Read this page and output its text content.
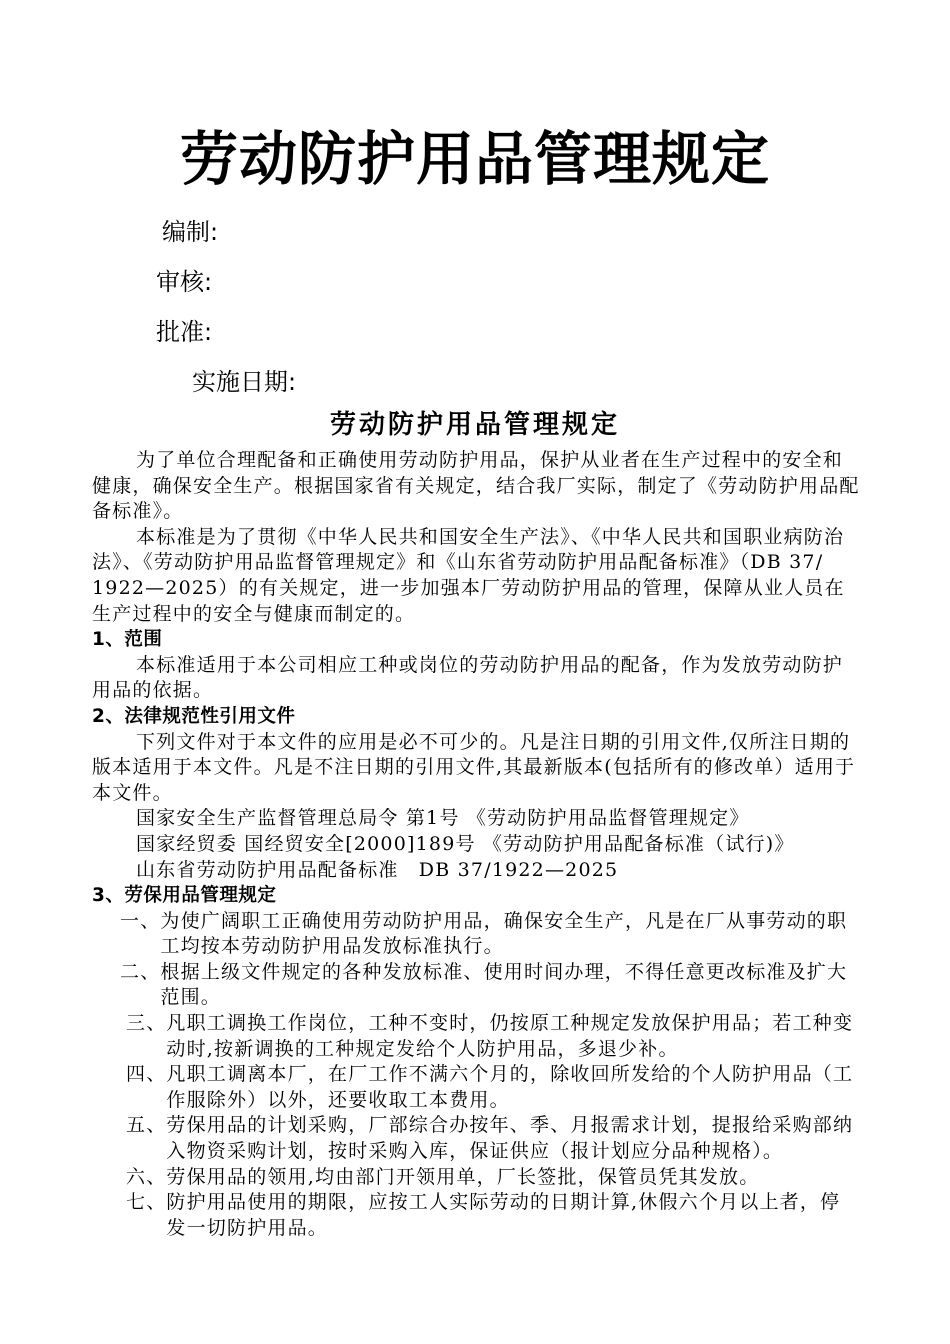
劳动防护用品管理规定
编制:
审核:
批准:
实施日期:
劳动防护用品管理规定

为了单位合理配备和正确使用劳动防护用品，保护从业者在生产过程中的安全和健康，确保安全生产。根据国家省有关规定，结合我厂实际，制定了《劳动防护用品配备标准》。

本标准是为了贯彻《中华人民共和国安全生产法》、《中华人民共和国职业病防治法》、《劳动防护用品监督管理规定》和《山东省劳动防护用品配备标准》（DB 37/ 1922—2025）的有关规定，进一步加强本厂劳动防护用品的管理，保障从业人员在生产过程中的安全与健康而制定的。

1、范围

本标准适用于本公司相应工种或岗位的劳动防护用品的配备，作为发放劳动防护用品的依据。

2、法律规范性引用文件

下列文件对于本文件的应用是必不可少的。凡是注日期的引用文件,仅所注日期的版本适用于本文件。凡是不注日期的引用文件,其最新版本(包括所有的修改单）适用于本文件。

国家安全生产监督管理总局令 第1号 《劳动防护用品监督管理规定》

国家经贸委 国经贸安全[2000]189号 《劳动防护用品配备标准（试行)》

山东省劳动防护用品配备标准　DB 37/1922—2025

3、劳保用品管理规定

一、 为使广阔职工正确使用劳动防护用品，确保安全生产，凡是在厂从事劳动的职工均按本劳动防护用品发放标准执行。
二、 根据上级文件规定的各种发放标准、使用时间办理，不得任意更改标准及扩大范围。
三、 凡职工调换工作岗位，工种不变时，仍按原工种规定发放保护用品；若工种变动时,按新调换的工种规定发给个人防护用品，多退少补。
四、 凡职工调离本厂，在厂工作不满六个月的，除收回所发给的个人防护用品（工作服除外）以外，还要收取工本费用。
五、 劳保用品的计划采购，厂部综合办按年、季、月报需求计划，提报给采购部纳入物资采购计划，按时采购入库，保证供应（报计划应分品种规格）。
六、 劳保用品的领用,均由部门开领用单，厂长签批，保管员凭其发放。
七、 防护用品使用的期限，应按工人实际劳动的日期计算,休假六个月以上者，停发一切防护用品。
